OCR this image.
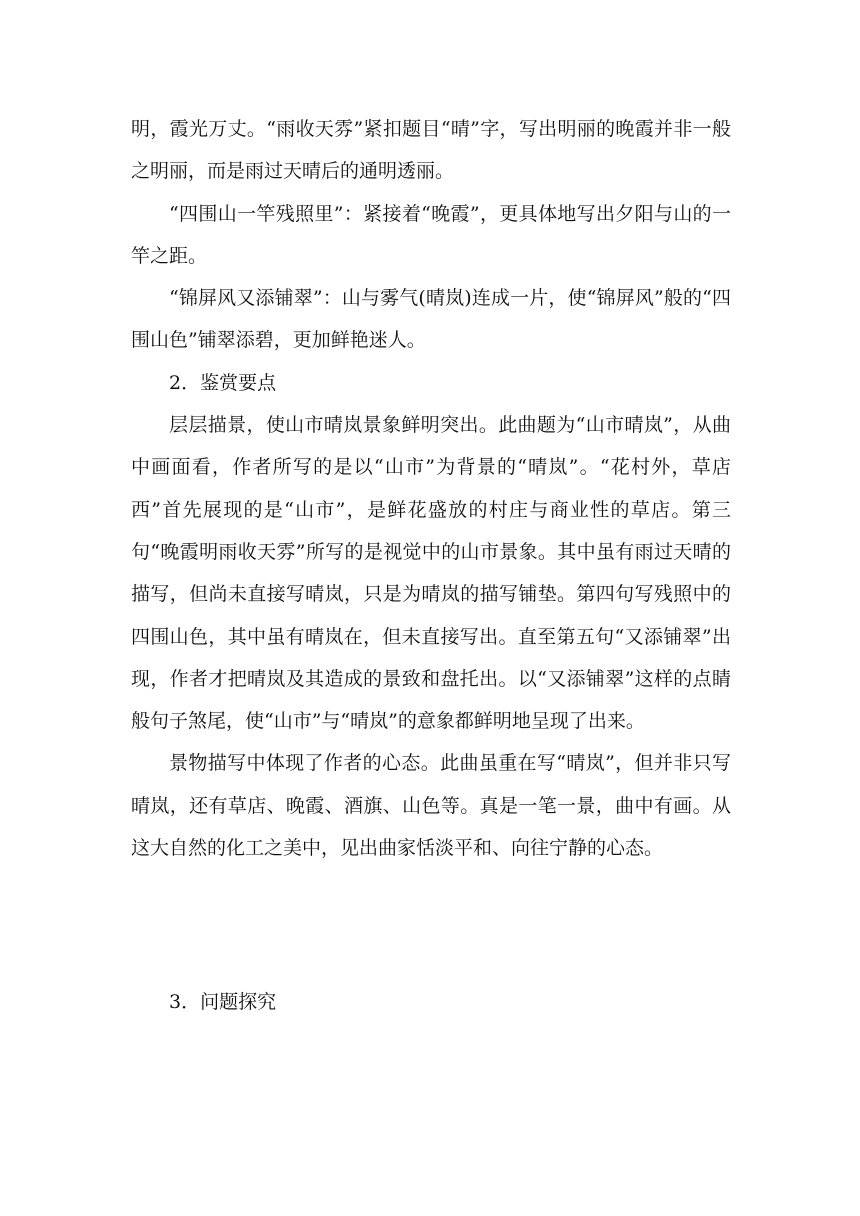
明，霞光万丈。“雨收天雰”紧扣题目“晴”字，写出明丽的晚霞并非一般之明丽，而是雨过天晴后的通明透丽。

“四围山一竿残照里”：紧接着“晚霞”，更具体地写出夕阳与山的一竿之距。

“锦屏风又添铺翠”：山与雾气(晴岚)连成一片，使“锦屏风”般的“四围山色”铺翠添碧，更加鲜艳迷人。

2．鉴赏要点

层层描景，使山市晴岚景象鲜明突出。此曲题为“山市晴岚”，从曲中画面看，作者所写的是以“山市”为背景的“晴岚”。“花村外，草店西”首先展现的是“山市”，是鲜花盛放的村庄与商业性的草店。第三句“晚霞明雨收天雰”所写的是视觉中的山市景象。其中虽有雨过天晴的描写，但尚未直接写晴岚，只是为晴岚的描写铺垫。第四句写残照中的四围山色，其中虽有晴岚在，但未直接写出。直至第五句“又添铺翠”出现，作者才把晴岚及其造成的景致和盘托出。以“又添铺翠”这样的点睛般句子煞尾，使“山市”与“晴岚”的意象都鲜明地呈现了出来。

景物描写中体现了作者的心态。此曲虽重在写“晴岚”，但并非只写晴岚，还有草店、晚霞、酒旗、山色等。真是一笔一景，曲中有画。从这大自然的化工之美中，见出曲家恬淡平和、向往宁静的心态。

3．问题探究
